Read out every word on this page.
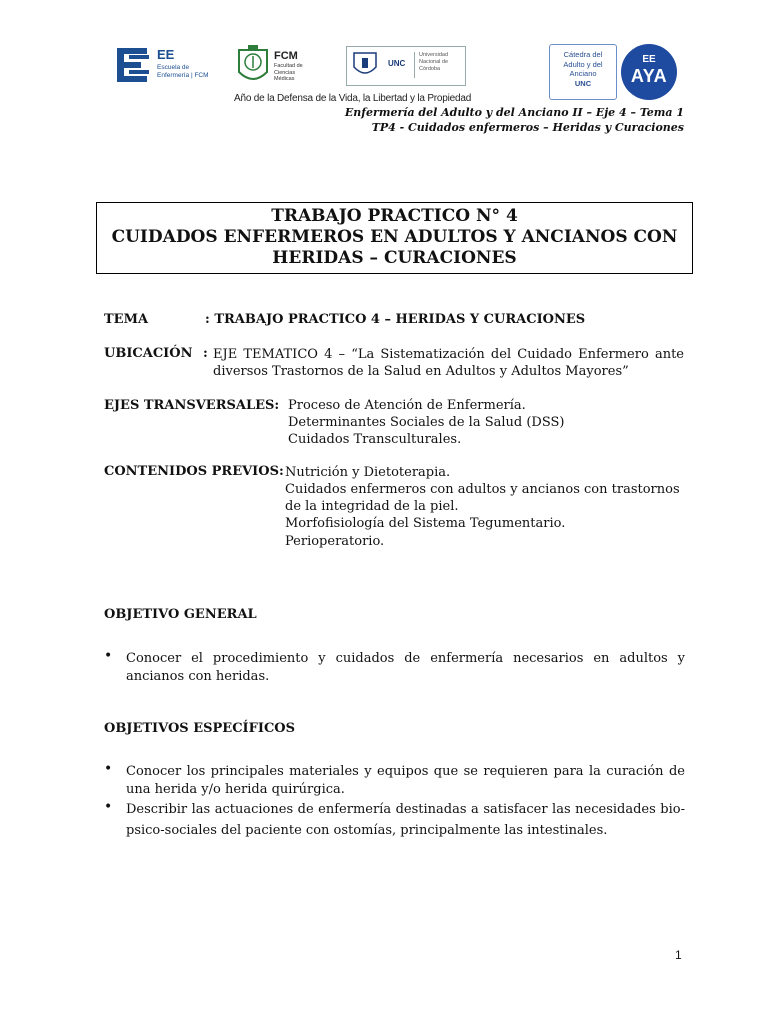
EE
Escuela de Enfermería | FCM
FCM
Facultad de Ciencias Médicas
Año de la Defensa de la Vida, la Libertad y la Propiedad
UNC
Universidad Nacional de Córdoba
Cátedra del
Adulto y del
Anciano
UNC
EE
AYA
Enfermería del Adulto y del Anciano II – Eje 4 – Tema 1
TP4 - Cuidados enfermeros – Heridas y Curaciones
TRABAJO PRACTICO N° 4
CUIDADOS ENFERMEROS EN ADULTOS Y ANCIANOS CON
HERIDAS – CURACIONES
TEMA	: TRABAJO PRACTICO 4 – HERIDAS Y CURACIONES
UBICACIÓN : EJE TEMATICO 4 – “La Sistematización del Cuidado Enfermero ante
diversos Trastornos de la Salud en Adultos y Adultos Mayores”
EJES TRANSVERSALES: Proceso de Atención de Enfermería.
Determinantes Sociales de la Salud (DSS)
Cuidados Transculturales.
CONTENIDOS PREVIOS: Nutrición y Dietoterapia.
Cuidados enfermeros con adultos y ancianos con trastornos
de la integridad de la piel.
Morfofisiología del Sistema Tegumentario.
Perioperatorio.
OBJETIVO GENERAL
• Conocer el procedimiento y cuidados de enfermería necesarios en adultos y
ancianos con heridas.
OBJETIVOS ESPECÍFICOS
• Conocer los principales materiales y equipos que se requieren para la curación de
una herida y/o herida quirúrgica.
• Describir las actuaciones de enfermería destinadas a satisfacer las necesidades bio-
psico-sociales del paciente con ostomías, principalmente las intestinales.
1
